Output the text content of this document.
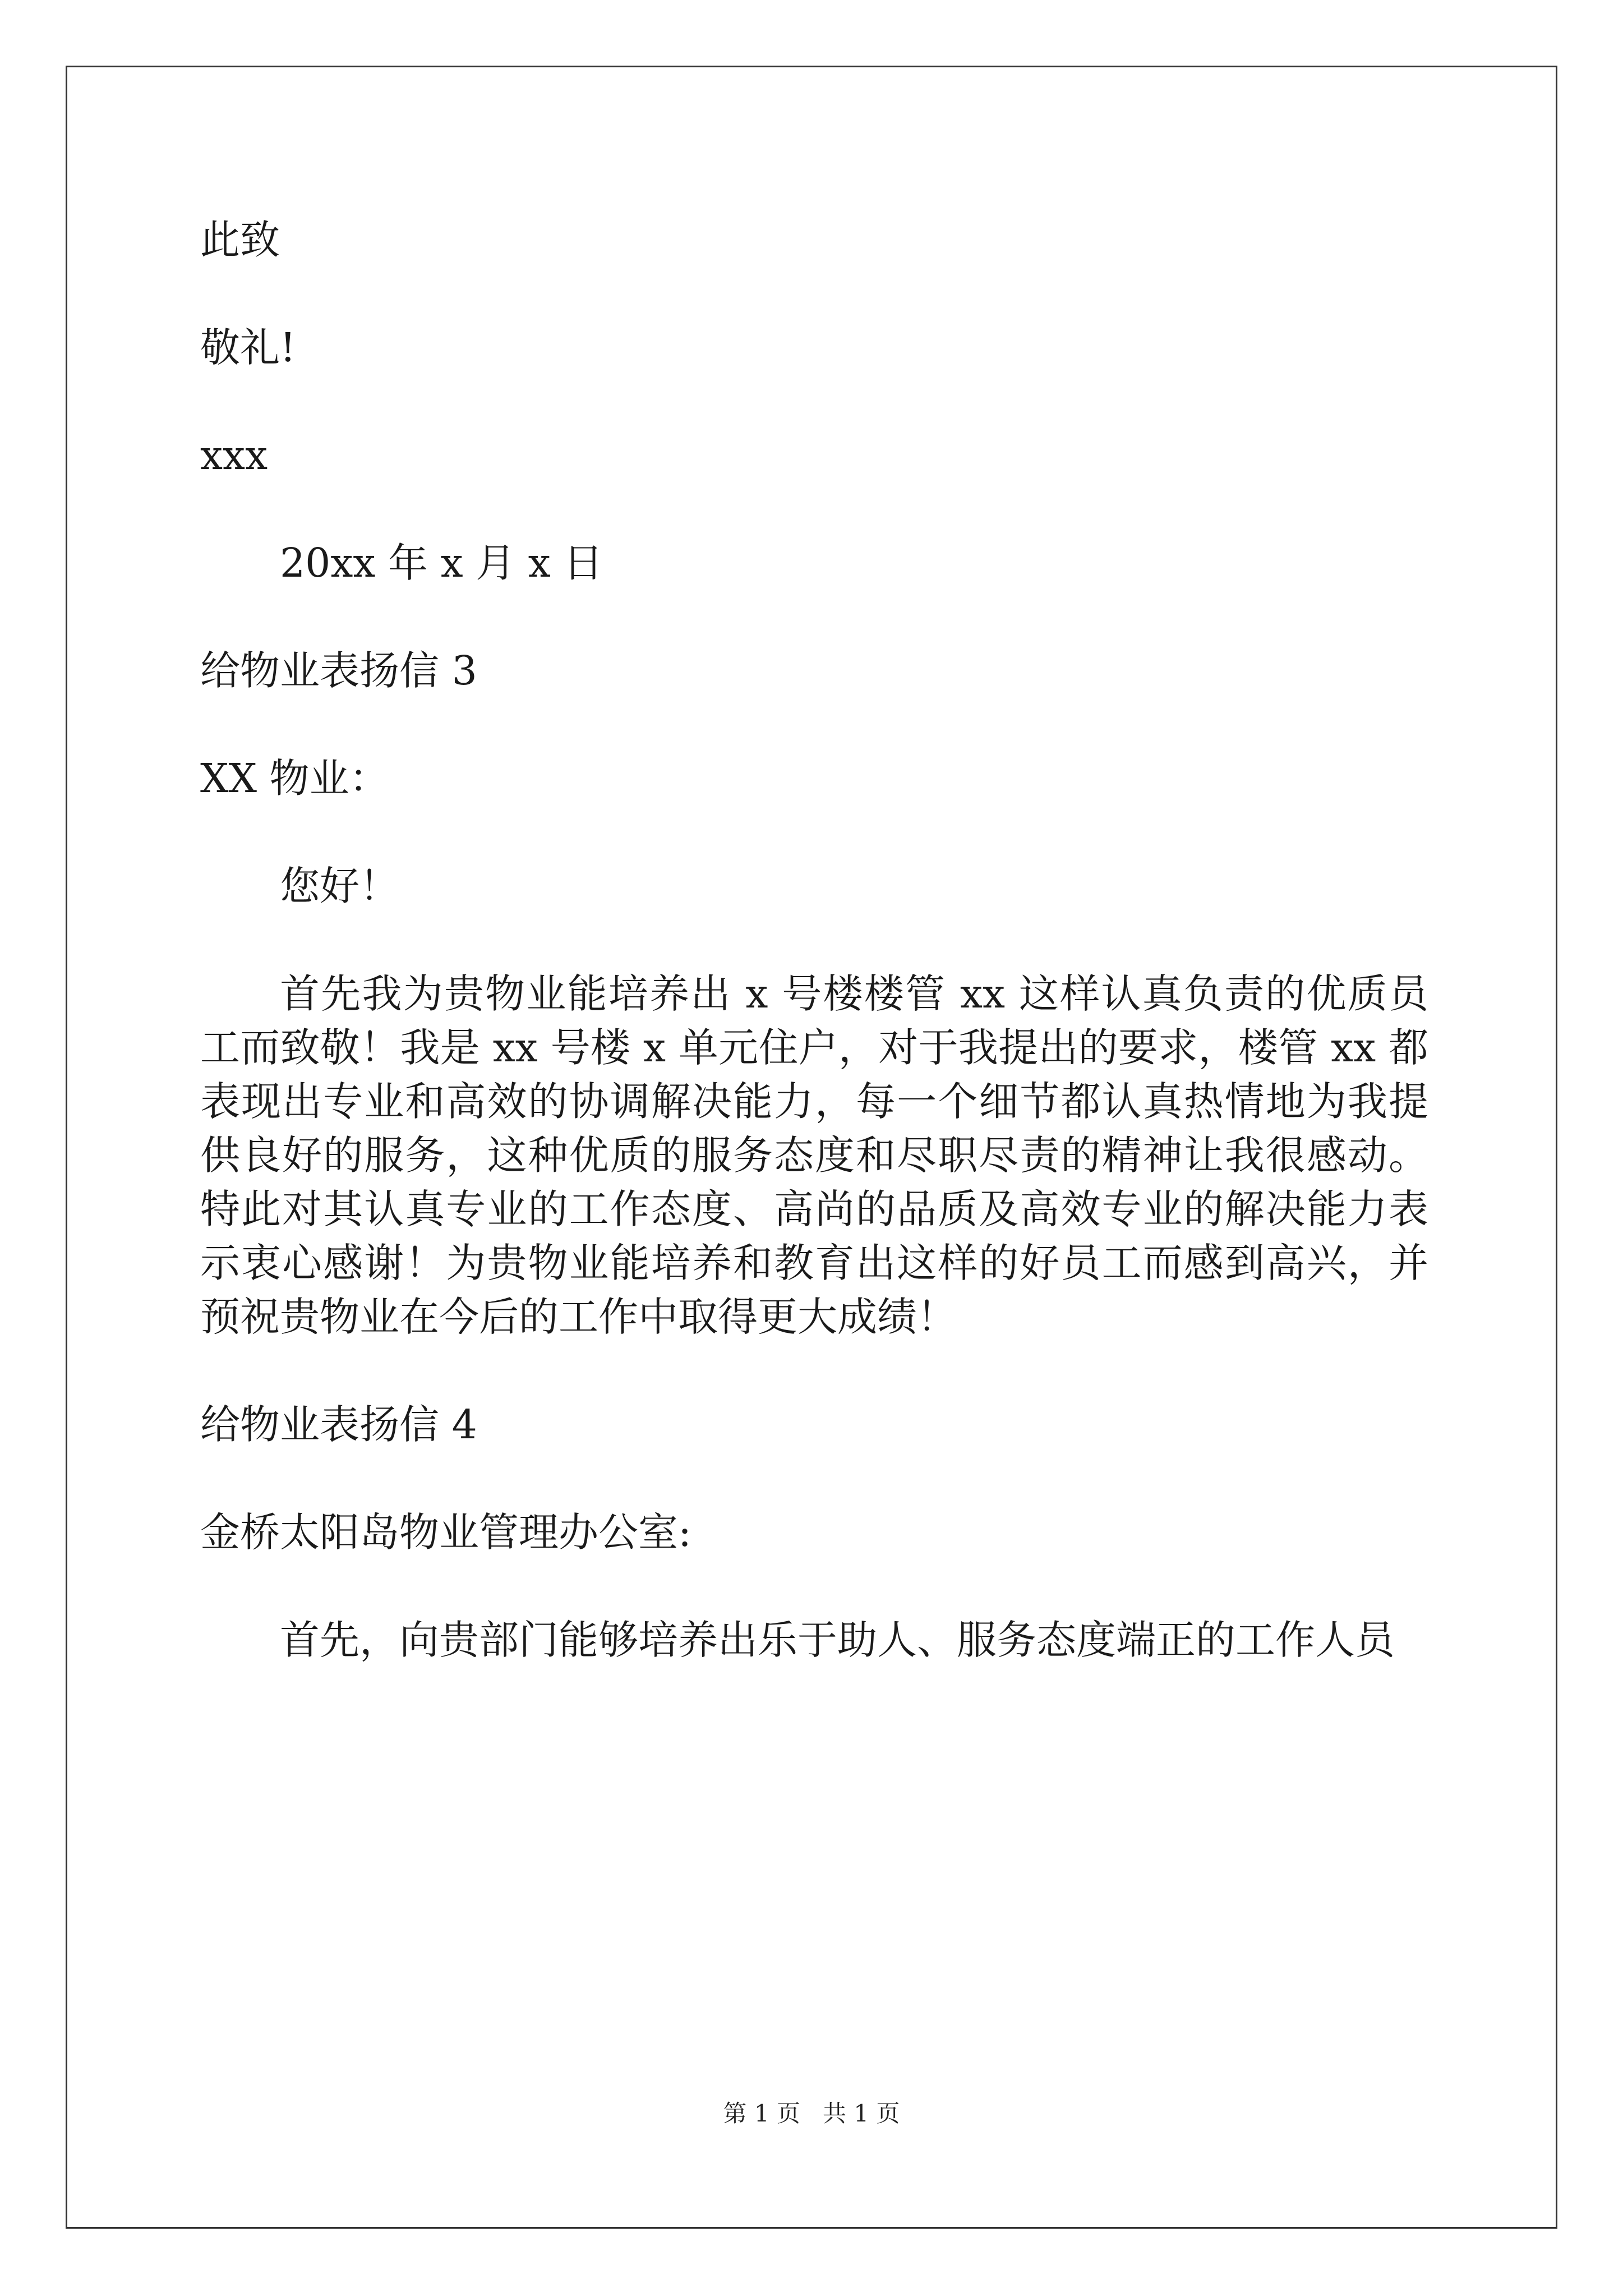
此致

敬礼!

xxx

20xx 年 x 月 x 日

给物业表扬信 3

XX 物业：

您好！

首先我为贵物业能培养出 x 号楼楼管 xx 这样认真负责的优质员工而致敬！我是 xx 号楼 x 单元住户，对于我提出的要求，楼管 xx 都表现出专业和高效的协调解决能力，每一个细节都认真热情地为我提供良好的服务，这种优质的服务态度和尽职尽责的精神让我很感动。特此对其认真专业的工作态度、高尚的品质及高效专业的解决能力表示衷心感谢！为贵物业能培养和教育出这样的好员工而感到高兴，并预祝贵物业在今后的工作中取得更大成绩！

给物业表扬信 4

金桥太阳岛物业管理办公室:

首先，向贵部门能够培养出乐于助人、服务态度端正的工作人员

第 1 页 共 1 页
